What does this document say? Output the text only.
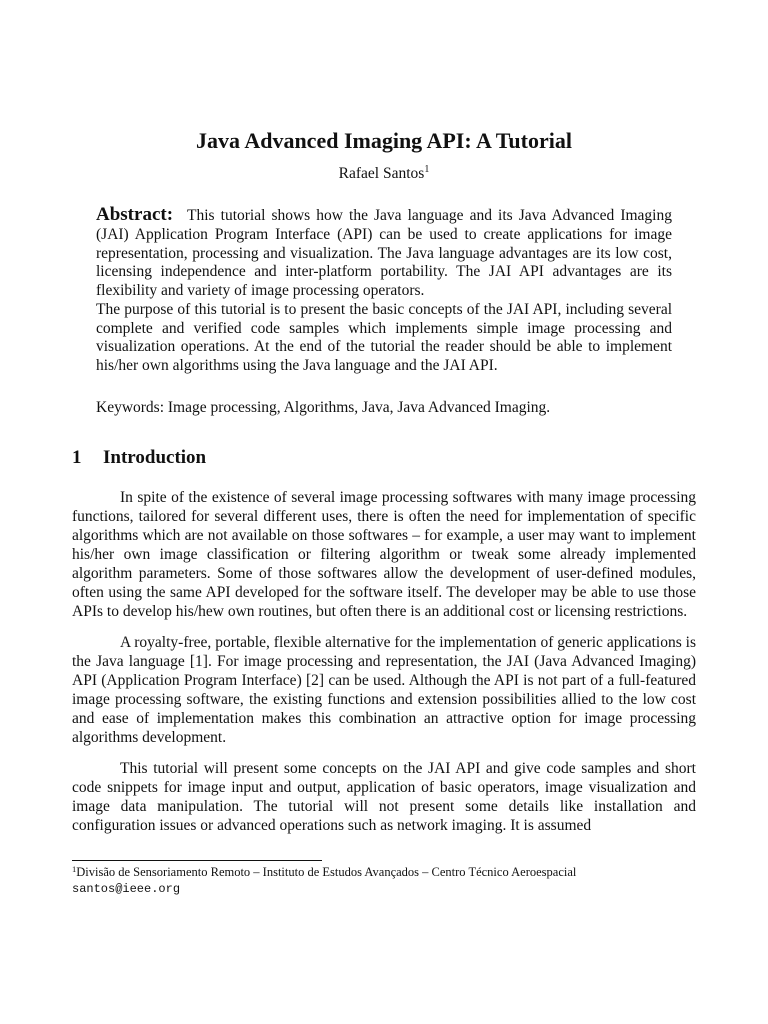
Java Advanced Imaging API: A Tutorial
Rafael Santos$^1$

Abstract: This tutorial shows how the Java language and its Java Advanced Imaging (JAI) Application Program Interface (API) can be used to create applications for image representation, processing and visualization. The Java language advantages are its low cost, licensing independence and inter-platform portability. The JAI API advantages are its flexibility and variety of image processing operators.

The purpose of this tutorial is to present the basic concepts of the JAI API, including several complete and verified code samples which implements simple image processing and visualization operations. At the end of the tutorial the reader should be able to implement his/her own algorithms using the Java language and the JAI API.

Keywords: Image processing, Algorithms, Java, Java Advanced Imaging.
1 Introduction

In spite of the existence of several image processing softwares with many image processing functions, tailored for several different uses, there is often the need for implementation of specific algorithms which are not available on those softwares – for example, a user may want to implement his/her own image classification or filtering algorithm or tweak some already implemented algorithm parameters. Some of those softwares allow the development of user-defined modules, often using the same API developed for the software itself. The developer may be able to use those APIs to develop his/hew own routines, but often there is an additional cost or licensing restrictions.

A royalty-free, portable, flexible alternative for the implementation of generic applications is the Java language [1]. For image processing and representation, the JAI (Java Advanced Imaging) API (Application Program Interface) [2] can be used. Although the API is not part of a full-featured image processing software, the existing functions and extension possibilities allied to the low cost and ease of implementation makes this combination an attractive option for image processing algorithms development.

This tutorial will present some concepts on the JAI API and give code samples and short code snippets for image input and output, application of basic operators, image visualization and image data manipulation. The tutorial will not present some details like installation and configuration issues or advanced operations such as network imaging. It is assumed

$^1$Divisão de Sensoriamento Remoto – Instituto de Estudos Avançados – Centro Técnico Aeroespacial
santos@ieee.org
